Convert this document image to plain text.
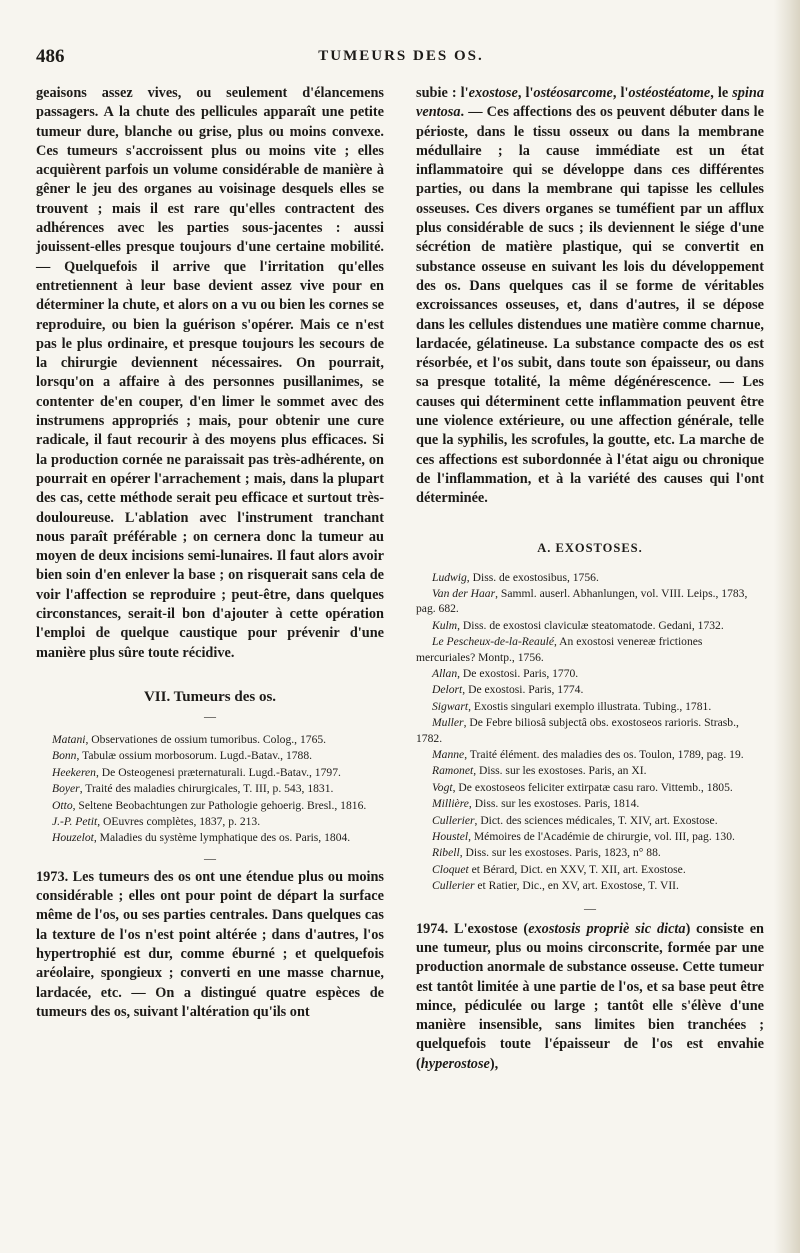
486	TUMEURS DES OS.

geaisons assez vives, ou seulement d'élancemens passagers. A la chute des pellicules apparaît une petite tumeur dure, blanche ou grise, plus ou moins convexe. Ces tumeurs s'accroissent plus ou moins vite ; elles acquièrent parfois un volume considérable de manière à gêner le jeu des organes au voisinage desquels elles se trouvent ; mais il est rare qu'elles contractent des adhérences avec les parties sous-jacentes : aussi jouissent-elles presque toujours d'une certaine mobilité. — Quelquefois il arrive que l'irritation qu'elles entretiennent à leur base devient assez vive pour en déterminer la chute, et alors on a vu ou bien les cornes se reproduire, ou bien la guérison s'opérer. Mais ce n'est pas le plus ordinaire, et presque toujours les secours de la chirurgie deviennent nécessaires. On pourrait, lorsqu'on a affaire à des personnes pusillanimes, se contenter de'en couper, d'en limer le sommet avec des instrumens appropriés ; mais, pour obtenir une cure radicale, il faut recourir à des moyens plus efficaces. Si la production cornée ne paraissait pas très-adhérente, on pourrait en opérer l'arrachement ; mais, dans la plupart des cas, cette méthode serait peu efficace et surtout très-douloureuse. L'ablation avec l'instrument tranchant nous paraît préférable ; on cernera donc la tumeur au moyen de deux incisions semi-lunaires. Il faut alors avoir bien soin d'en enlever la base ; on risquerait sans cela de voir l'affection se reproduire ; peut-être, dans quelques circonstances, serait-il bon d'ajouter à cette opération l'emploi de quelque caustique pour prévenir d'une manière plus sûre toute récidive.

VII. Tumeurs des os.
—

Matani, Observationes de ossium tumoribus. Colog., 1765.

Bonn, Tabulæ ossium morbosorum. Lugd.-Batav., 1788.

Heekeren, De Osteogenesi præternaturali. Lugd.-Batav., 1797.

Boyer, Traité des maladies chirurgicales, T. III, p. 543, 1831.

Otto, Seltene Beobachtungen zur Pathologie gehoerig. Bresl., 1816.

J.-P. Petit, OEuvres complètes, 1837, p. 213.

Houzelot, Maladies du système lymphatique des os. Paris, 1804.

—

1973. Les tumeurs des os ont une étendue plus ou moins considérable ; elles ont pour point de départ la surface même de l'os, ou ses parties centrales. Dans quelques cas la texture de l'os n'est point altérée ; dans d'autres, l'os hypertrophié est dur, comme éburné ; et quelquefois aréolaire, spongieux ; converti en une masse charnue, lardacée, etc. — On a distingué quatre espèces de tumeurs des os, suivant l'altération qu'ils ont

subie : l'exostose, l'ostéosarcome, l'ostéostéatome, le spina ventosa. — Ces affections des os peuvent débuter dans le périoste, dans le tissu osseux ou dans la membrane médullaire ; la cause immédiate est un état inflammatoire qui se développe dans ces différentes parties, ou dans la membrane qui tapisse les cellules osseuses. Ces divers organes se tuméfient par un afflux plus considérable de sucs ; ils deviennent le siége d'une sécrétion de matière plastique, qui se convertit en substance osseuse en suivant les lois du développement des os. Dans quelques cas il se forme de véritables excroissances osseuses, et, dans d'autres, il se dépose dans les cellules distendues une matière comme charnue, lardacée, gélatineuse. La substance compacte des os est résorbée, et l'os subit, dans toute son épaisseur, ou dans sa presque totalité, la même dégénérescence. — Les causes qui déterminent cette inflammation peuvent être une violence extérieure, ou une affection générale, telle que la syphilis, les scrofules, la goutte, etc. La marche de ces affections est subordonnée à l'état aigu ou chronique de l'inflammation, et à la variété des causes qui l'ont déterminée.

A. EXOSTOSES.

Ludwig, Diss. de exostosibus, 1756.

Van der Haar, Samml. auserl. Abhanlungen, vol. VIII. Leips., 1783, pag. 682.

Kulm, Diss. de exostosi claviculæ steatomatode. Gedani, 1732.

Le Pescheux-de-la-Reaulé, An exostosi venereæ frictiones mercuriales? Montp., 1756.

Allan, De exostosi. Paris, 1770.

Delort, De exostosi. Paris, 1774.

Sigwart, Exostis singulari exemplo illustrata. Tubing., 1781.

Muller, De Febre biliosâ subjectâ obs. exostoseos rarioris. Strasb., 1782.

Manne, Traité élément. des maladies des os. Toulon, 1789, pag. 19.

Ramonet, Diss. sur les exostoses. Paris, an XI.

Vogt, De exostoseos feliciter extirpatæ casu raro. Vittemb., 1805.

Millière, Diss. sur les exostoses. Paris, 1814.

Cullerier, Dict. des sciences médicales, T. XIV, art. Exostose.

Houstel, Mémoires de l'Académie de chirurgie, vol. III, pag. 130.

Ribell, Diss. sur les exostoses. Paris, 1823, n° 88.

Cloquet et Bérard, Dict. en XXV, T. XII, art. Exostose.

Cullerier et Ratier, Dic., en XV, art. Exostose, T. VII.

—

1974. L'exostose (exostosis propriè sic dicta) consiste en une tumeur, plus ou moins circonscrite, formée par une production anormale de substance osseuse. Cette tumeur est tantôt limitée à une partie de l'os, et sa base peut être mince, pédiculée ou large ; tantôt elle s'élève d'une manière insensible, sans limites bien tranchées ; quelquefois toute l'épaisseur de l'os est envahie (hyperostose),
